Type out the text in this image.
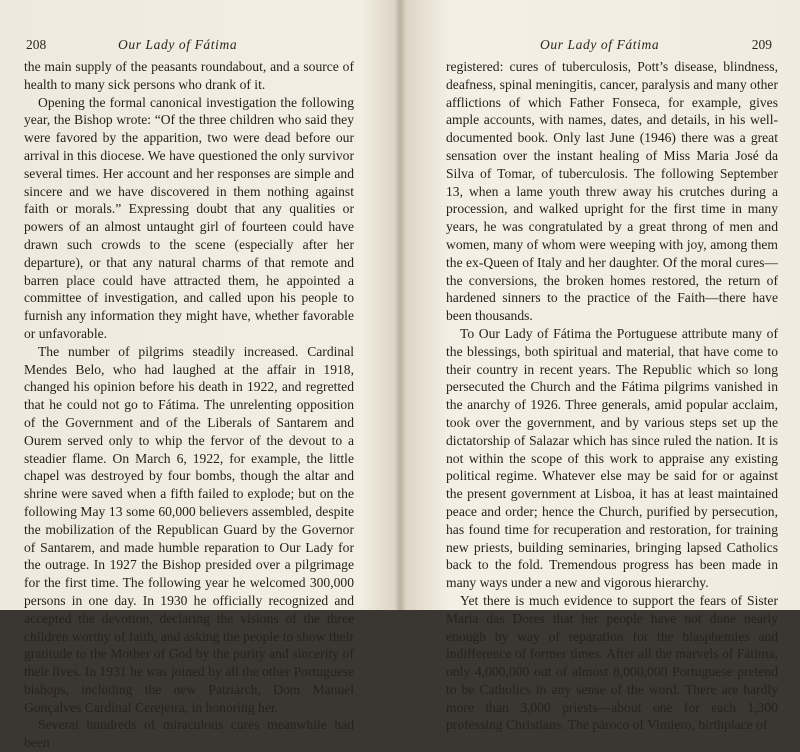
208	Our Lady of Fátima

the main supply of the peasants roundabout, and a source of health to many sick persons who drank of it.

Opening the formal canonical investigation the following year, the Bishop wrote: “Of the three children who said they were favored by the apparition, two were dead before our arrival in this diocese. We have questioned the only survivor several times. Her account and her responses are simple and sincere and we have discovered in them nothing against faith or morals.” Expressing doubt that any qualities or powers of an almost untaught girl of fourteen could have drawn such crowds to the scene (especially after her departure), or that any natural charms of that remote and barren place could have attracted them, he appointed a committee of investigation, and called upon his people to furnish any information they might have, whether favorable or unfavorable.

The number of pilgrims steadily increased. Cardinal Mendes Belo, who had laughed at the affair in 1918, changed his opinion before his death in 1922, and regretted that he could not go to Fátima. The unrelenting opposition of the Government and of the Liberals of Santarem and Ourem served only to whip the fervor of the devout to a steadier flame. On March 6, 1922, for example, the little chapel was destroyed by four bombs, though the altar and shrine were saved when a fifth failed to explode; but on the following May 13 some 60,000 believers assembled, despite the mobilization of the Republican Guard by the Governor of Santarem, and made humble reparation to Our Lady for the outrage. In 1927 the Bishop presided over a pilgrimage for the first time. The following year he welcomed 300,000 persons in one day. In 1930 he officially recognized and accepted the devotion, declaring the visions of the three children worthy of faith, and asking the people to show their gratitude to the Mother of God by the purity and sincerity of their lives. In 1931 he was joined by all the other Portuguese bishops, including the new Patriarch, Dom Manuel Gonçalves Cardinal Cerejeira, in honoring her.

Several hundreds of miraculous cures meanwhile had been

Our Lady of Fátima	209

registered: cures of tuberculosis, Pott’s disease, blindness, deafness, spinal meningitis, cancer, paralysis and many other afflictions of which Father Fonseca, for example, gives ample accounts, with names, dates, and details, in his well-documented book. Only last June (1946) there was a great sensation over the instant healing of Miss Maria José da Silva of Tomar, of tuberculosis. The following September 13, when a lame youth threw away his crutches during a procession, and walked upright for the first time in many years, he was congratulated by a great throng of men and women, many of whom were weeping with joy, among them the ex-Queen of Italy and her daughter. Of the moral cures—the conversions, the broken homes restored, the return of hardened sinners to the practice of the Faith—there have been thousands.

To Our Lady of Fátima the Portuguese attribute many of the blessings, both spiritual and material, that have come to their country in recent years. The Republic which so long persecuted the Church and the Fátima pilgrims vanished in the anarchy of 1926. Three generals, amid popular acclaim, took over the government, and by various steps set up the dictatorship of Salazar which has since ruled the nation. It is not within the scope of this work to appraise any existing political regime. Whatever else may be said for or against the present government at Lisboa, it has at least maintained peace and order; hence the Church, purified by persecution, has found time for recuperation and restoration, for training new priests, building seminaries, bringing lapsed Catholics back to the fold. Tremendous progress has been made in many ways under a new and vigorous hierarchy.

Yet there is much evidence to support the fears of Sister Maria das Dores that her people have not done nearly enough by way of reparation for the blasphemies and indifference of former times. After all the marvels of Fátima, only 4,000,000 out of almost 8,000,000 Portuguese pretend to be Catholics in any sense of the word. There are hardly more than 3,000 priests—about one for each 1,300 professing Christians. The pároco of Vimiero, birthplace of
